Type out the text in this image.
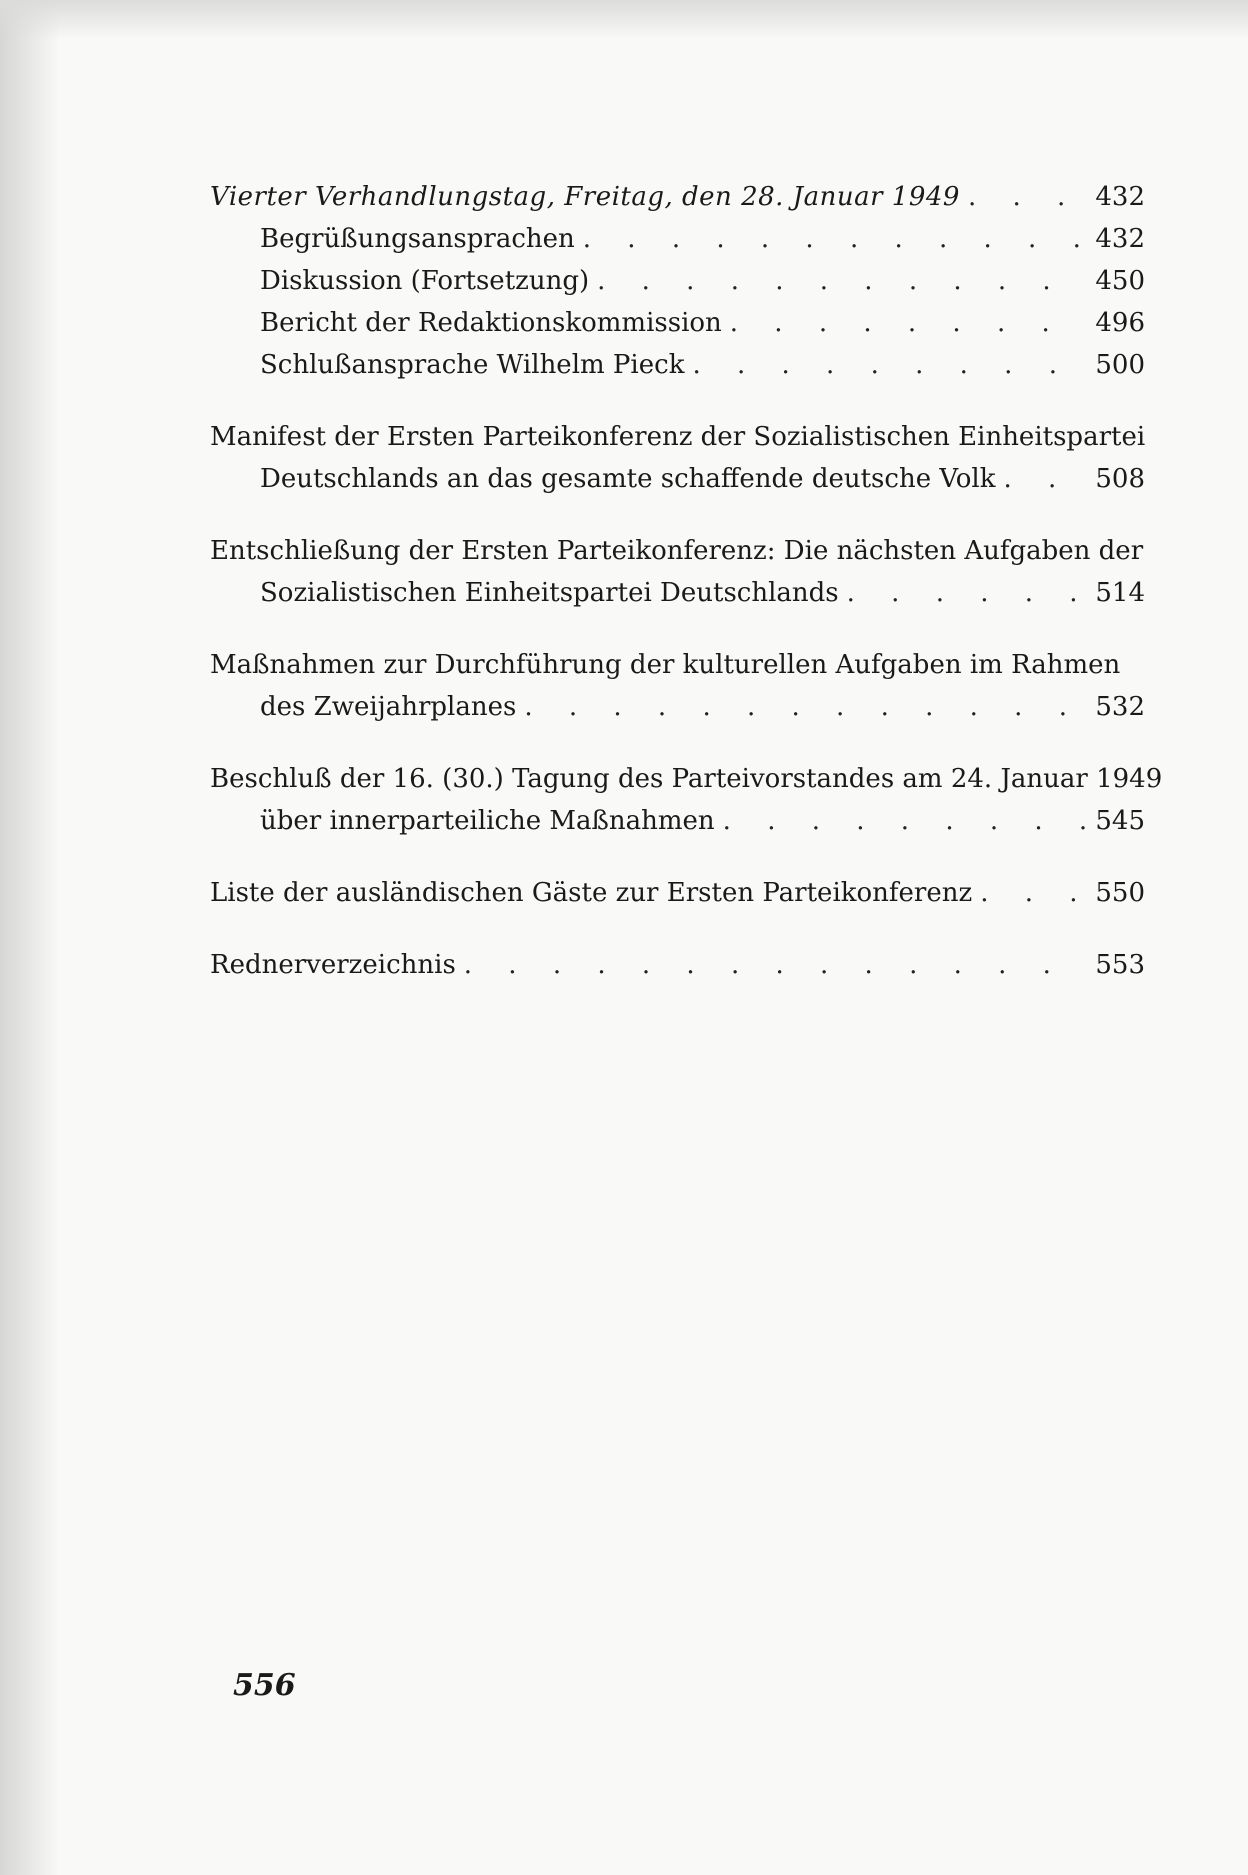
Vierter Verhandlungstag, Freitag, den 28. Januar 1949 . . .	432
Begrüßungsansprachen . . .	432
Diskussion (Fortsetzung) . . .	450
Bericht der Redaktionskommission . . .	496
Schlußansprache Wilhelm Pieck . . .	500
Manifest der Ersten Parteikonferenz der Sozialistischen Einheitspartei
Deutschlands an das gesamte schaffende deutsche Volk . . .	508
Entschließung der Ersten Parteikonferenz: Die nächsten Aufgaben der
Sozialistischen Einheitspartei Deutschlands . . .	514
Maßnahmen zur Durchführung der kulturellen Aufgaben im Rahmen
des Zweijahrplanes . . .	532
Beschluß der 16. (30.) Tagung des Parteivorstandes am 24. Januar 1949
über innerparteiliche Maßnahmen . . .	545
Liste der ausländischen Gäste zur Ersten Parteikonferenz . . .	550
Rednerverzeichnis . . .	553
556
